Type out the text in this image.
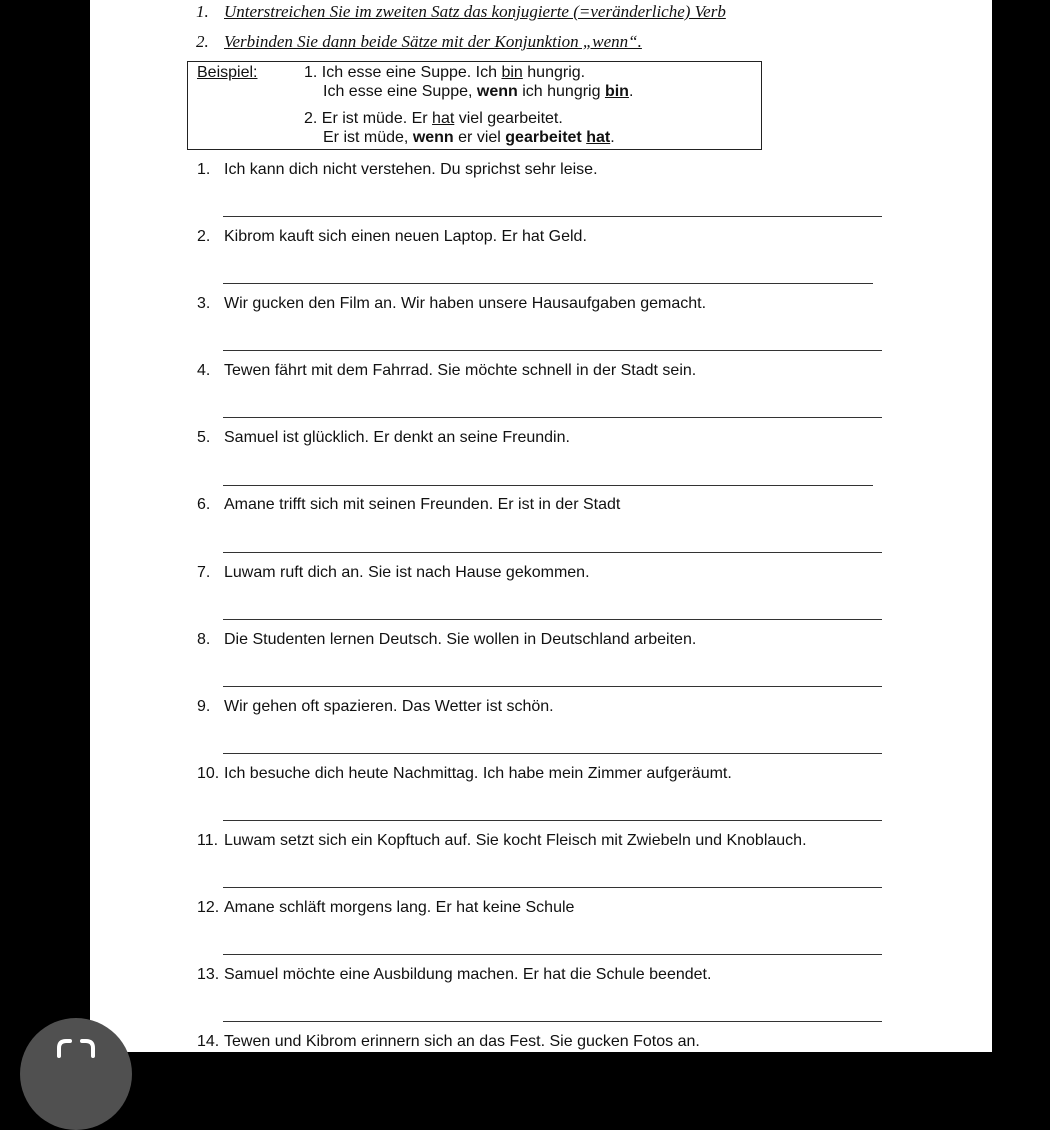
1. Unterstreichen Sie im zweiten Satz das konjugierte (=veränderliche) Verb
2. Verbinden Sie dann beide Sätze mit der Konjunktion „wenn“.
Beispiel:	1. Ich esse eine Suppe. Ich bin hungrig.
Ich esse eine Suppe, wenn ich hungrig bin.
2. Er ist müde. Er hat viel gearbeitet.
Er ist müde, wenn er viel gearbeitet hat.
1. Ich kann dich nicht verstehen. Du sprichst sehr leise.
2. Kibrom kauft sich einen neuen Laptop. Er hat Geld.
3. Wir gucken den Film an. Wir haben unsere Hausaufgaben gemacht.
4. Tewen fährt mit dem Fahrrad. Sie möchte schnell in der Stadt sein.
5. Samuel ist glücklich. Er denkt an seine Freundin.
6. Amane trifft sich mit seinen Freunden. Er ist in der Stadt
7. Luwam ruft dich an. Sie ist nach Hause gekommen.
8. Die Studenten lernen Deutsch. Sie wollen in Deutschland arbeiten.
9. Wir gehen oft spazieren. Das Wetter ist schön.
10. Ich besuche dich heute Nachmittag. Ich habe mein Zimmer aufgeräumt.
11. Luwam setzt sich ein Kopftuch auf. Sie kocht Fleisch mit Zwiebeln und Knoblauch.
12. Amane schläft morgens lang. Er hat keine Schule
13. Samuel möchte eine Ausbildung machen. Er hat die Schule beendet.
14. Tewen und Kibrom erinnern sich an das Fest. Sie gucken Fotos an.
